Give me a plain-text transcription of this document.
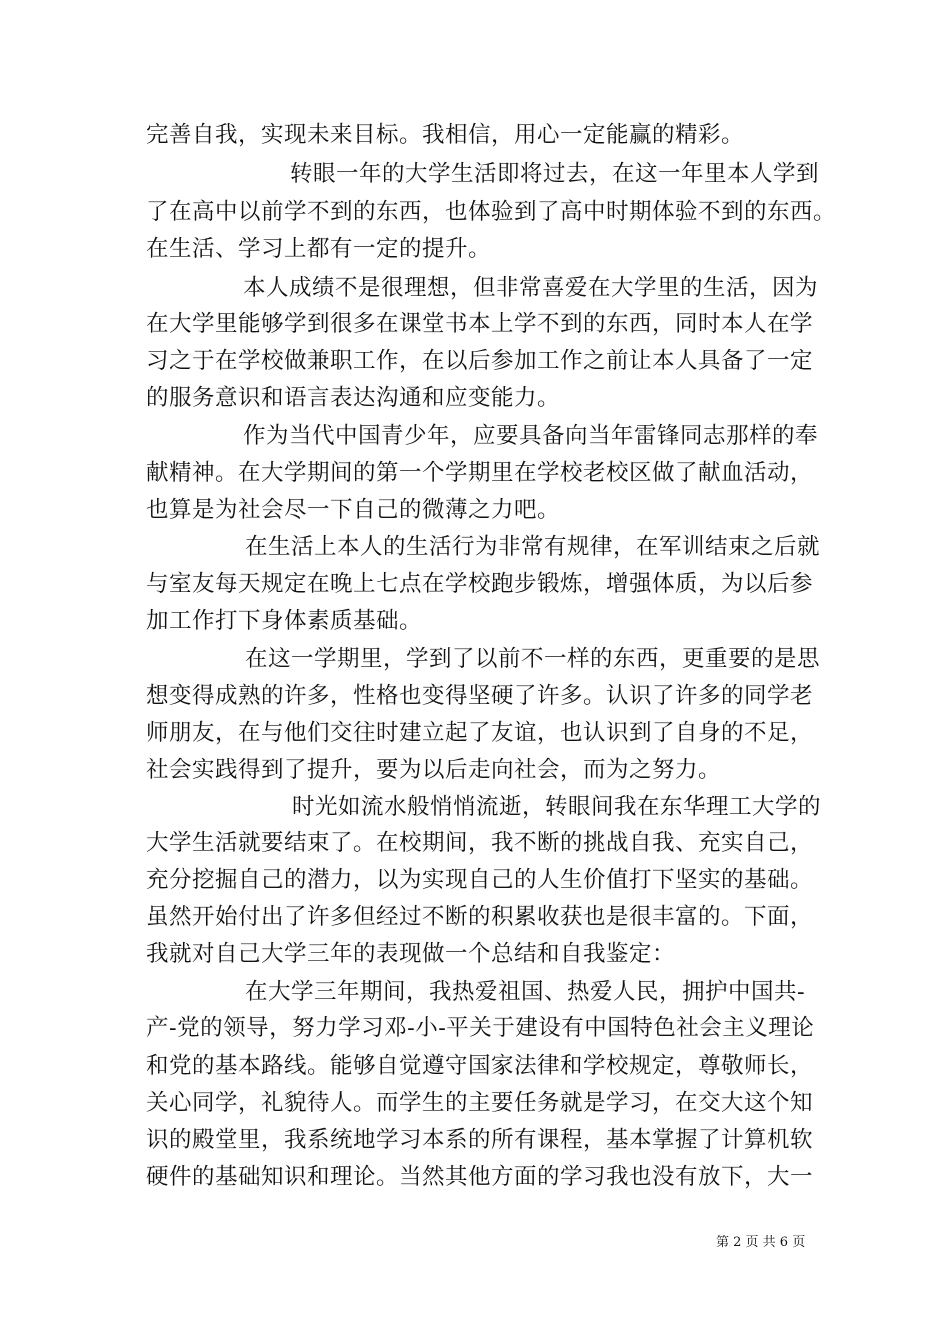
完善自我，实现未来目标。我相信，用心一定能赢的精彩。
转眼一年的大学生活即将过去，在这一年里本人学到
了在高中以前学不到的东西，也体验到了高中时期体验不到的东西。
在生活、学习上都有一定的提升。
本人成绩不是很理想，但非常喜爱在大学里的生活，因为
在大学里能够学到很多在课堂书本上学不到的东西，同时本人在学
习之于在学校做兼职工作，在以后参加工作之前让本人具备了一定
的服务意识和语言表达沟通和应变能力。
作为当代中国青少年，应要具备向当年雷锋同志那样的奉
献精神。在大学期间的第一个学期里在学校老校区做了献血活动，
也算是为社会尽一下自己的微薄之力吧。
在生活上本人的生活行为非常有规律，在军训结束之后就
与室友每天规定在晚上七点在学校跑步锻炼，增强体质，为以后参
加工作打下身体素质基础。
在这一学期里，学到了以前不一样的东西，更重要的是思
想变得成熟的许多，性格也变得坚硬了许多。认识了许多的同学老
师朋友，在与他们交往时建立起了友谊，也认识到了自身的不足，
社会实践得到了提升，要为以后走向社会，而为之努力。
时光如流水般悄悄流逝，转眼间我在东华理工大学的
大学生活就要结束了。在校期间，我不断的挑战自我、充实自己，
充分挖掘自己的潜力，以为实现自己的人生价值打下坚实的基础。
虽然开始付出了许多但经过不断的积累收获也是很丰富的。下面，
我就对自己大学三年的表现做一个总结和自我鉴定：
在大学三年期间，我热爱祖国、热爱人民，拥护中国共-
产-党的领导，努力学习邓-小-平关于建设有中国特色社会主义理论
和党的基本路线。能够自觉遵守国家法律和学校规定，尊敬师长，
关心同学，礼貌待人。而学生的主要任务就是学习，在交大这个知
识的殿堂里，我系统地学习本系的所有课程，基本掌握了计算机软
硬件的基础知识和理论。当然其他方面的学习我也没有放下，大一
第 2 页 共 6 页
